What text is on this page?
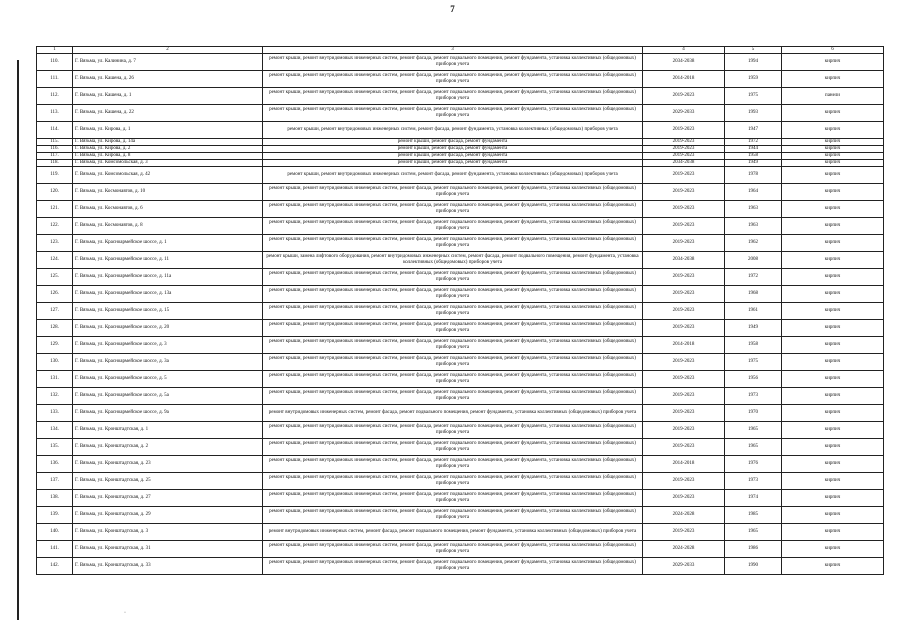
7
1	2	3	4	5	6
110.	Г. Вязьма, ул. Калинина, д. 7	ремонт крыши, ремонт внутридомовых инженерных систем, ремонт фасада, ремонт подвального помещения, ремонт фундамента, установка коллективных (общедомовых) приборов учета	2034-2038	1994	кирпич
111.	Г. Вязьма, ул. Кашена, д. 26	ремонт крыши, ремонт внутридомовых инженерных систем, ремонт фасада, ремонт подвального помещения, ремонт фундамента, установка коллективных (общедомовых) приборов учета	2014-2018	1959	кирпич
112.	Г. Вязьма, ул. Кашена, д. 1	ремонт крыши, ремонт внутридомовых инженерных систем, ремонт фасада, ремонт подвального помещения, ремонт фундамента, установка коллективных (общедомовых) приборов учета	2019-2023	1975	панели
113.	Г. Вязьма, ул. Кашена, д. 22	ремонт крыши, ремонт внутридомовых инженерных систем, ремонт фасада, ремонт подвального помещения, ремонт фундамента, установка коллективных (общедомовых) приборов учета	2029-2033	1993	кирпич
114.	Г. Вязьма, ул. Кирова, д. 1	ремонт крыши, ремонт внутридомовых инженерных систем, ремонт фасада, ремонт фундамента, установка коллективных (общедомовых) приборов учета	2019-2023	1947	кирпич
115.	Г. Вязьма, ул. Кирова, д. 14а	ремонт крыши, ремонт фасада, ремонт фундамента	2019-2023	1972	кирпич
116.	Г. Вязьма, ул. Кирова, д. 2	ремонт крыши, ремонт фасада, ремонт фундамента	2019-2023	1944	кирпич
117.	Г. Вязьма, ул. Кирова, д. 8	ремонт крыши, ремонт фасада, ремонт фундамента	2019-2023	1958	кирпич
118.	Г. Вязьма, ул. Комсомольская, д. 3	ремонт крыши, ремонт фасада, ремонт фундамента	2034-2038	1949	кирпич
119.	Г. Вязьма, ул. Комсомольская, д. 42	ремонт крыши, ремонт внутридомовых инженерных систем, ремонт фасада, ремонт фундамента, установка коллективных (общедомовых) приборов учета	2019-2023	1978	кирпич
120.	Г. Вязьма, ул. Космонавтов, д. 10	ремонт крыши, ремонт внутридомовых инженерных систем, ремонт фасада, ремонт подвального помещения, ремонт фундамента, установка коллективных (общедомовых) приборов учета	2019-2023	1964	кирпич
121.	Г. Вязьма, ул. Космонавтов, д. 6	ремонт крыши, ремонт внутридомовых инженерных систем, ремонт фасада, ремонт подвального помещения, ремонт фундамента, установка коллективных (общедомовых) приборов учета	2019-2023	1963	кирпич
122.	Г. Вязьма, ул. Космонавтов, д. 8	ремонт крыши, ремонт внутридомовых инженерных систем, ремонт фасада, ремонт подвального помещения, ремонт фундамента, установка коллективных (общедомовых) приборов учета	2019-2023	1963	кирпич
123.	Г. Вязьма, ул. Красноармейское шоссе, д. 1	ремонт крыши, ремонт внутридомовых инженерных систем, ремонт фасада, ремонт подвального помещения, ремонт фундамента, установка коллективных (общедомовых) приборов учета	2019-2023	1962	кирпич
124.	Г. Вязьма, ул. Красноармейское шоссе, д. 11	ремонт крыши, замена лифтового оборудования, ремонт внутридомовых инженерных систем, ремонт фасада, ремонт подвального помещения, ремонт фундамента, установка коллективных (общедомовых) приборов учета	2034-2038	2008	кирпич
125.	Г. Вязьма, ул. Красноармейское шоссе, д. 11а	ремонт крыши, ремонт внутридомовых инженерных систем, ремонт фасада, ремонт подвального помещения, ремонт фундамента, установка коллективных (общедомовых) приборов учета	2019-2023	1972	кирпич
126.	Г. Вязьма, ул. Красноармейское шоссе, д. 13а	ремонт крыши, ремонт внутридомовых инженерных систем, ремонт фасада, ремонт подвального помещения, ремонт фундамента, установка коллективных (общедомовых) приборов учета	2019-2023	1968	кирпич
127.	Г. Вязьма, ул. Красноармейское шоссе, д. 15	ремонт крыши, ремонт внутридомовых инженерных систем, ремонт фасада, ремонт подвального помещения, ремонт фундамента, установка коллективных (общедомовых) приборов учета	2019-2023	1961	кирпич
128.	Г. Вязьма, ул. Красноармейское шоссе, д. 20	ремонт крыши, ремонт внутридомовых инженерных систем, ремонт фасада, ремонт подвального помещения, ремонт фундамента, установка коллективных (общедомовых) приборов учета	2019-2023	1949	кирпич
129.	Г. Вязьма, ул. Красноармейское шоссе, д. 3	ремонт крыши, ремонт внутридомовых инженерных систем, ремонт фасада, ремонт подвального помещения, ремонт фундамента, установка коллективных (общедомовых) приборов учета	2014-2018	1958	кирпич
130.	Г. Вязьма, ул. Красноармейское шоссе, д. 3а	ремонт крыши, ремонт внутридомовых инженерных систем, ремонт фасада, ремонт подвального помещения, ремонт фундамента, установка коллективных (общедомовых) приборов учета	2019-2023	1975	кирпич
131.	Г. Вязьма, ул. Красноармейское шоссе, д. 5	ремонт крыши, ремонт внутридомовых инженерных систем, ремонт фасада, ремонт подвального помещения, ремонт фундамента, установка коллективных (общедомовых) приборов учета	2019-2023	1956	кирпич
132.	Г. Вязьма, ул. Красноармейское шоссе, д. 5а	ремонт крыши, ремонт внутридомовых инженерных систем, ремонт фасада, ремонт подвального помещения, ремонт фундамента, установка коллективных (общедомовых) приборов учета	2019-2023	1973	кирпич
133.	Г. Вязьма, ул. Красноармейское шоссе, д. 9а	ремонт внутридомовых инженерных систем, ремонт фасада, ремонт подвального помещения, ремонт фундамента, установка коллективных (общедомовых) приборов учета	2019-2023	1970	кирпич
134.	Г. Вязьма, ул. Кронштадтская, д. 1	ремонт крыши, ремонт внутридомовых инженерных систем, ремонт фасада, ремонт подвального помещения, ремонт фундамента, установка коллективных (общедомовых) приборов учета	2019-2023	1965	кирпич
135.	Г. Вязьма, ул. Кронштадтская, д. 2	ремонт крыши, ремонт внутридомовых инженерных систем, ремонт фасада, ремонт подвального помещения, ремонт фундамента, установка коллективных (общедомовых) приборов учета	2019-2023	1965	кирпич
136.	Г. Вязьма, ул. Кронштадтская, д. 23	ремонт крыши, ремонт внутридомовых инженерных систем, ремонт фасада, ремонт подвального помещения, ремонт фундамента, установка коллективных (общедомовых) приборов учета	2014-2018	1976	кирпич
137.	Г. Вязьма, ул. Кронштадтская, д. 25	ремонт крыши, ремонт внутридомовых инженерных систем, ремонт фасада, ремонт подвального помещения, ремонт фундамента, установка коллективных (общедомовых) приборов учета	2019-2023	1973	кирпич
138.	Г. Вязьма, ул. Кронштадтская, д. 27	ремонт крыши, ремонт внутридомовых инженерных систем, ремонт фасада, ремонт подвального помещения, ремонт фундамента, установка коллективных (общедомовых) приборов учета	2019-2023	1974	кирпич
139.	Г. Вязьма, ул. Кронштадтская, д. 29	ремонт крыши, ремонт внутридомовых инженерных систем, ремонт фасада, ремонт подвального помещения, ремонт фундамента, установка коллективных (общедомовых) приборов учета	2024-2028	1985	кирпич
140.	Г. Вязьма, ул. Кронштадтская, д. 3	ремонт внутридомовых инженерных систем, ремонт фасада, ремонт подвального помещения, ремонт фундамента, установка коллективных (общедомовых) приборов учета	2019-2023	1965	кирпич
141.	Г. Вязьма, ул. Кронштадтская, д. 31	ремонт крыши, ремонт внутридомовых инженерных систем, ремонт фасада, ремонт подвального помещения, ремонт фундамента, установка коллективных (общедомовых) приборов учета	2024-2028	1986	кирпич
142.	Г. Вязьма, ул. Кронштадтская, д. 33	ремонт крыши, ремонт внутридомовых инженерных систем, ремонт фасада, ремонт подвального помещения, ремонт фундамента, установка коллективных (общедомовых) приборов учета	2029-2033	1990	кирпич
·
